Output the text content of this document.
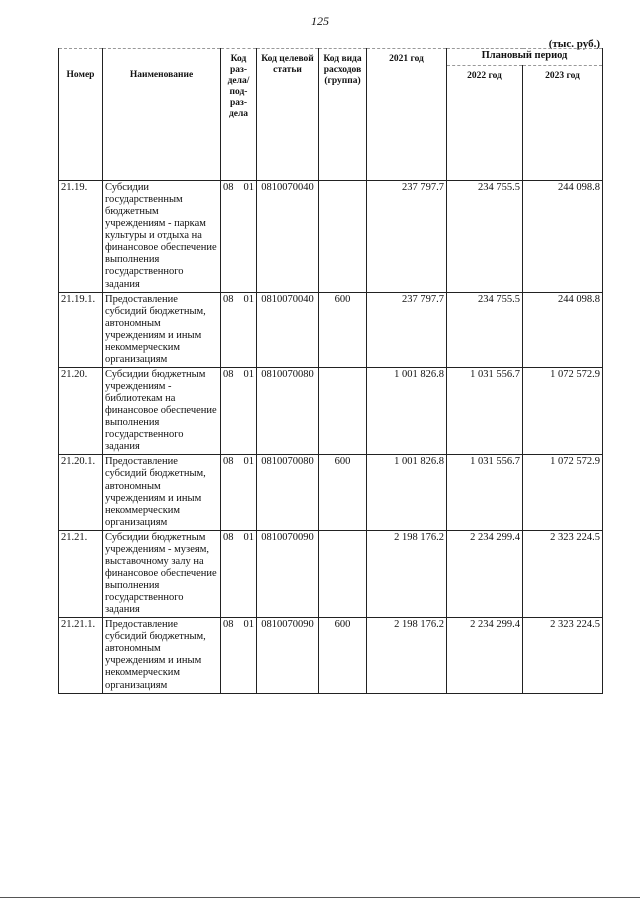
125
(тыс. руб.)
Номер	Наименование	Код раз-дела/ под-раз-дела	Код целевой статьи	Код вида расходов (группа)	2021 год	Плановый период	

						2022 год	2023 год

21.19.	Субсидии государственным бюджетным учреждениям - паркам культуры и отдыха на финансовое обеспечение выполнения государственного задания	08 01	0810070040		237 797.7	234 755.5	244 098.8
21.19.1.	Предоставление субсидий бюджетным, автономным учреждениям и иным некоммерческим организациям	08 01	0810070040	600	237 797.7	234 755.5	244 098.8
21.20.	Субсидии бюджетным учреждениям - библиотекам на финансовое обеспечение выполнения государственного задания	08 01	0810070080		1 001 826.8	1 031 556.7	1 072 572.9
21.20.1.	Предоставление субсидий бюджетным, автономным учреждениям и иным некоммерческим организациям	08 01	0810070080	600	1 001 826.8	1 031 556.7	1 072 572.9
21.21.	Субсидии бюджетным учреждениям - музеям, выставочному залу на финансовое обеспечение выполнения государственного задания	08 01	0810070090		2 198 176.2	2 234 299.4	2 323 224.5
21.21.1.	Предоставление субсидий бюджетным, автономным учреждениям и иным некоммерческим организациям	08 01	0810070090	600	2 198 176.2	2 234 299.4	2 323 224.5
